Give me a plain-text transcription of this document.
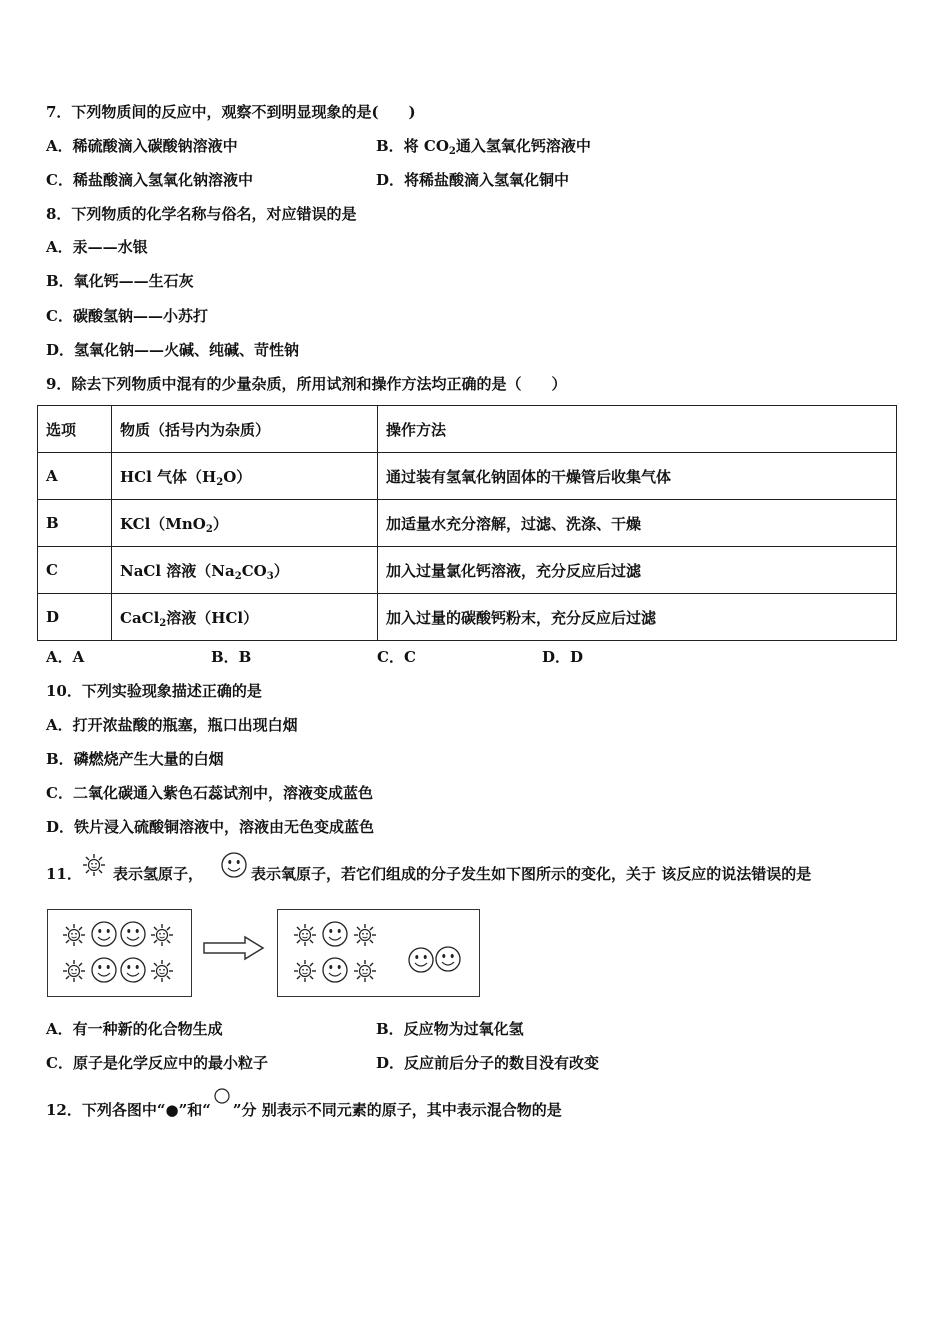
7．下列物质间的反应中，观察不到明显现象的是(　　)
A．稀硫酸滴入碳酸钠溶液中	B．将 $CO_2$通入氢氧化钙溶液中
C．稀盐酸滴入氢氧化钠溶液中	D．将稀盐酸滴入氢氧化铜中
8．下列物质的化学名称与俗名，对应错误的是
A．汞——水银
B．氧化钙——生石灰
C．碳酸氢钠——小苏打
D．氢氧化钠——火碱、纯碱、苛性钠
9．除去下列物质中混有的少量杂质，所用试剂和操作方法均正确的是（　　）
选项	物质（括号内为杂质）	操作方法
A	HCl 气体$(H_2O)$	通过装有氢氧化钠固体的干燥管后收集气体
B	KCl（MnO$_2$）	加适量水充分溶解，过滤、洗涤、干燥
C	NaCl 溶液$(Na_2CO_3)$	加入过量氯化钙溶液，充分反应后过滤
D	CaCl$_2$溶液（HCl）	加入过量的碳酸钙粉末，充分反应后过滤
A．A	B．B	C．C	D．D
10．下列实验现象描述正确的是
A．打开浓盐酸的瓶塞，瓶口出现白烟
B．磷燃烧产生大量的白烟
C．二氧化碳通入紫色石蕊试剂中，溶液变成蓝色
D．铁片浸入硫酸铜溶液中，溶液由无色变成蓝色
11． 表示氢原子，	表示氧原子，若它们组成的分子发生如下图所示的变化，关于 该反应的说法错误的是
A．有一种新的化合物生成	B．反应物为过氧化氢
C．原子是化学反应中的最小粒子	D．反应前后分子的数目没有改变
12．下列各图中“●”和“ ”分 别表示不同元素的原子，其中表示混合物的是
